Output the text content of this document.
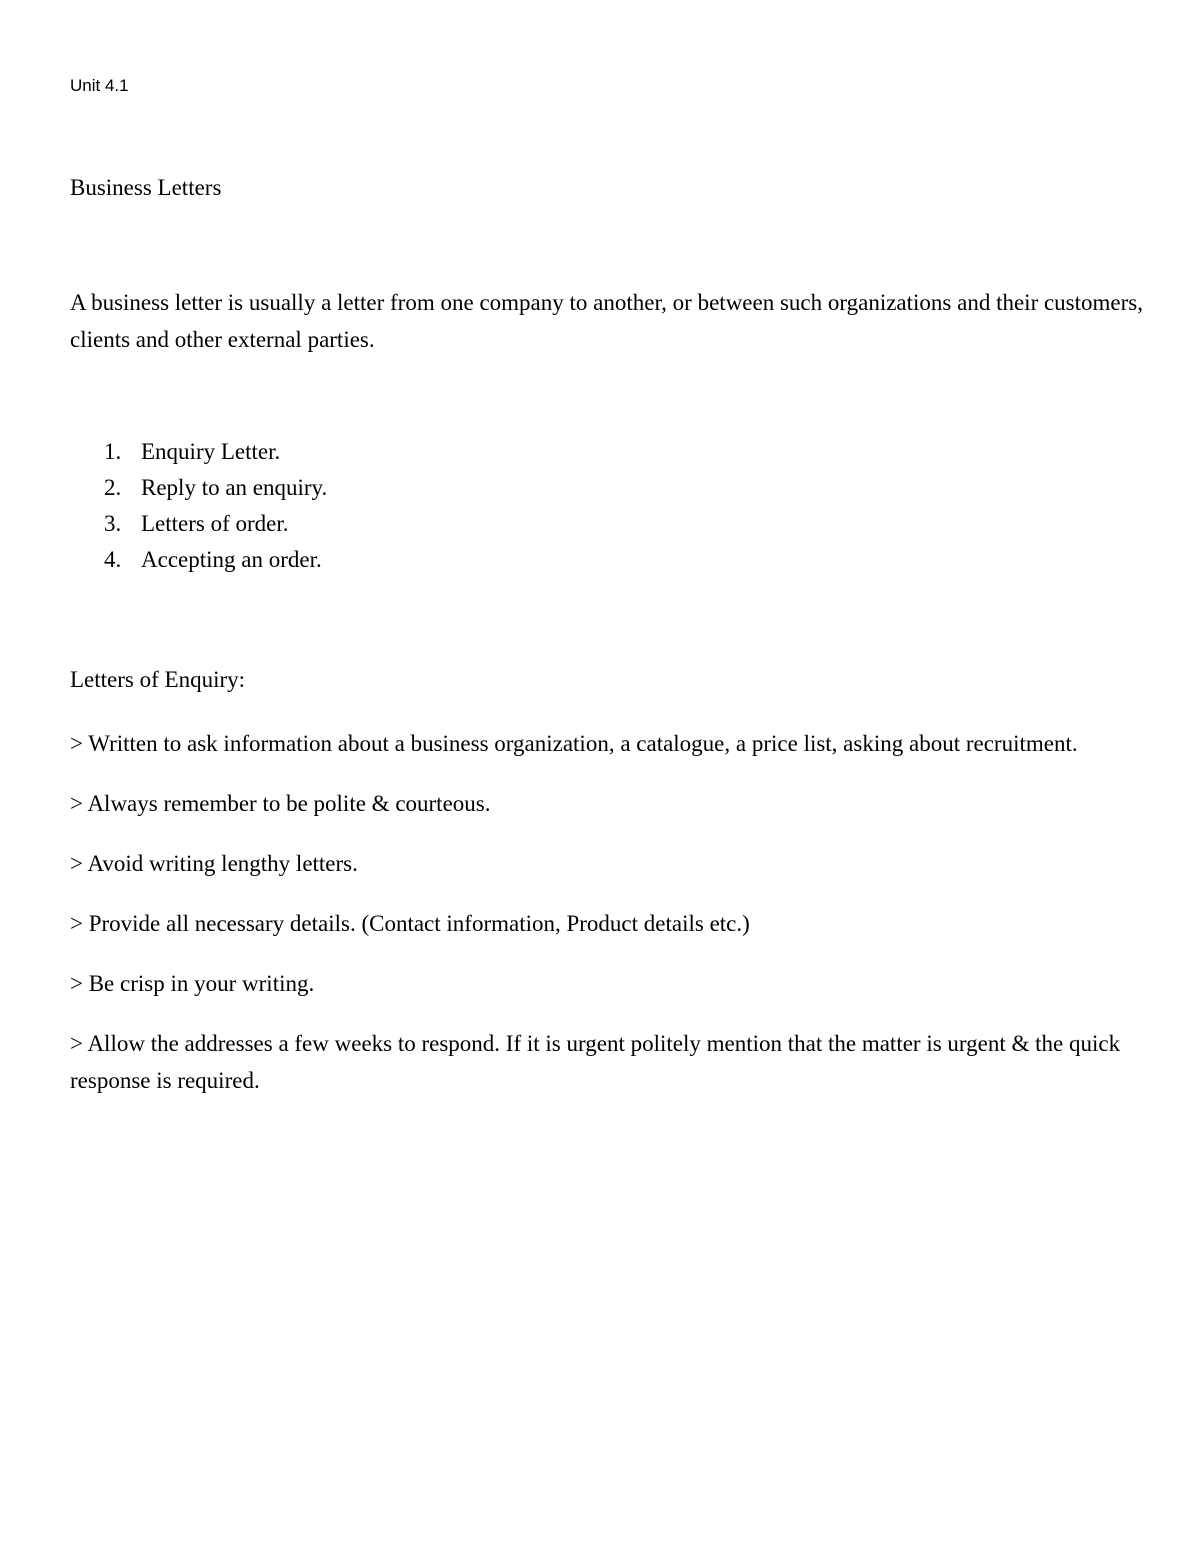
Unit 4.1
Business Letters

A business letter is usually a letter from one company to another, or between such organizations and their customers, clients and other external parties.

1. Enquiry Letter.
2. Reply to an enquiry.
3. Letters of order.
4. Accepting an order.
Letters of Enquiry:

> Written to ask information about a business organization, a catalogue, a price list, asking about recruitment.

> Always remember to be polite & courteous.

> Avoid writing lengthy letters.

> Provide all necessary details. (Contact information, Product details etc.)

> Be crisp in your writing.

> Allow the addresses a few weeks to respond. If it is urgent politely mention that the matter is urgent & the quick response is required.
